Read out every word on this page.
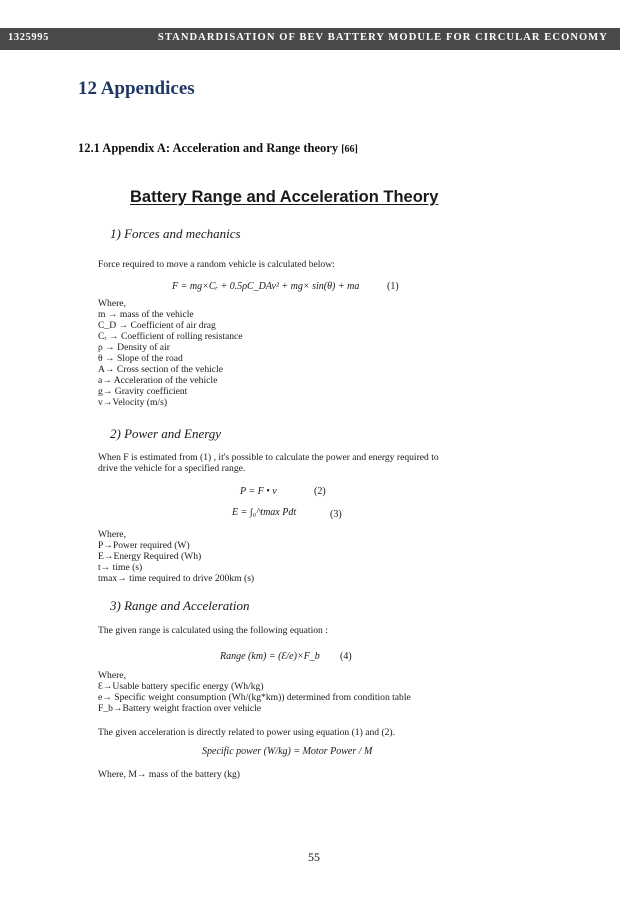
1325995	STANDARDISATION OF BEV BATTERY MODULE FOR CIRCULAR ECONOMY
12 Appendices
12.1 Appendix A: Acceleration and Range theory [66]
Battery Range and Acceleration Theory
1) Forces and mechanics
Force required to move a random vehicle is calculated below:
F = mg×Cᵣ + 0.5ρC_DAv² + mg× sin(θ) + ma	(1)
Where,
m → mass of the vehicle
C_D → Coefficient of air drag
Cᵣ → Coefficient of rolling resistance
ρ → Density of air
θ → Slope of the road
A→ Cross section of the vehicle
a→ Acceleration of the vehicle
g→ Gravity coefficient
v→Velocity (m/s)
2) Power and Energy
When F is estimated from (1) , it's possible to calculate the power and energy required to
drive the vehicle for a specified range.
P = F • v	(2)
E = ∫₀^tmax Pdt	(3)
Where,
P→Power required (W)
E→Energy Required (Wh)
t→ time (s)
tmax→ time required to drive 200km (s)
3) Range and Acceleration
The given range is calculated using the following equation :
Range (km) = (Ɛ/e)×F_b (4)
Where,
Ɛ→Usable battery specific energy (Wh/kg)
e→ Specific weight consumption (Wh/(kg*km)) determined from condition table
F_b→Battery weight fraction over vehicle
The given acceleration is directly related to power using equation (1) and (2).
Specific power (W/kg) = Motor Power / M
Where, M→ mass of the battery (kg)
55
